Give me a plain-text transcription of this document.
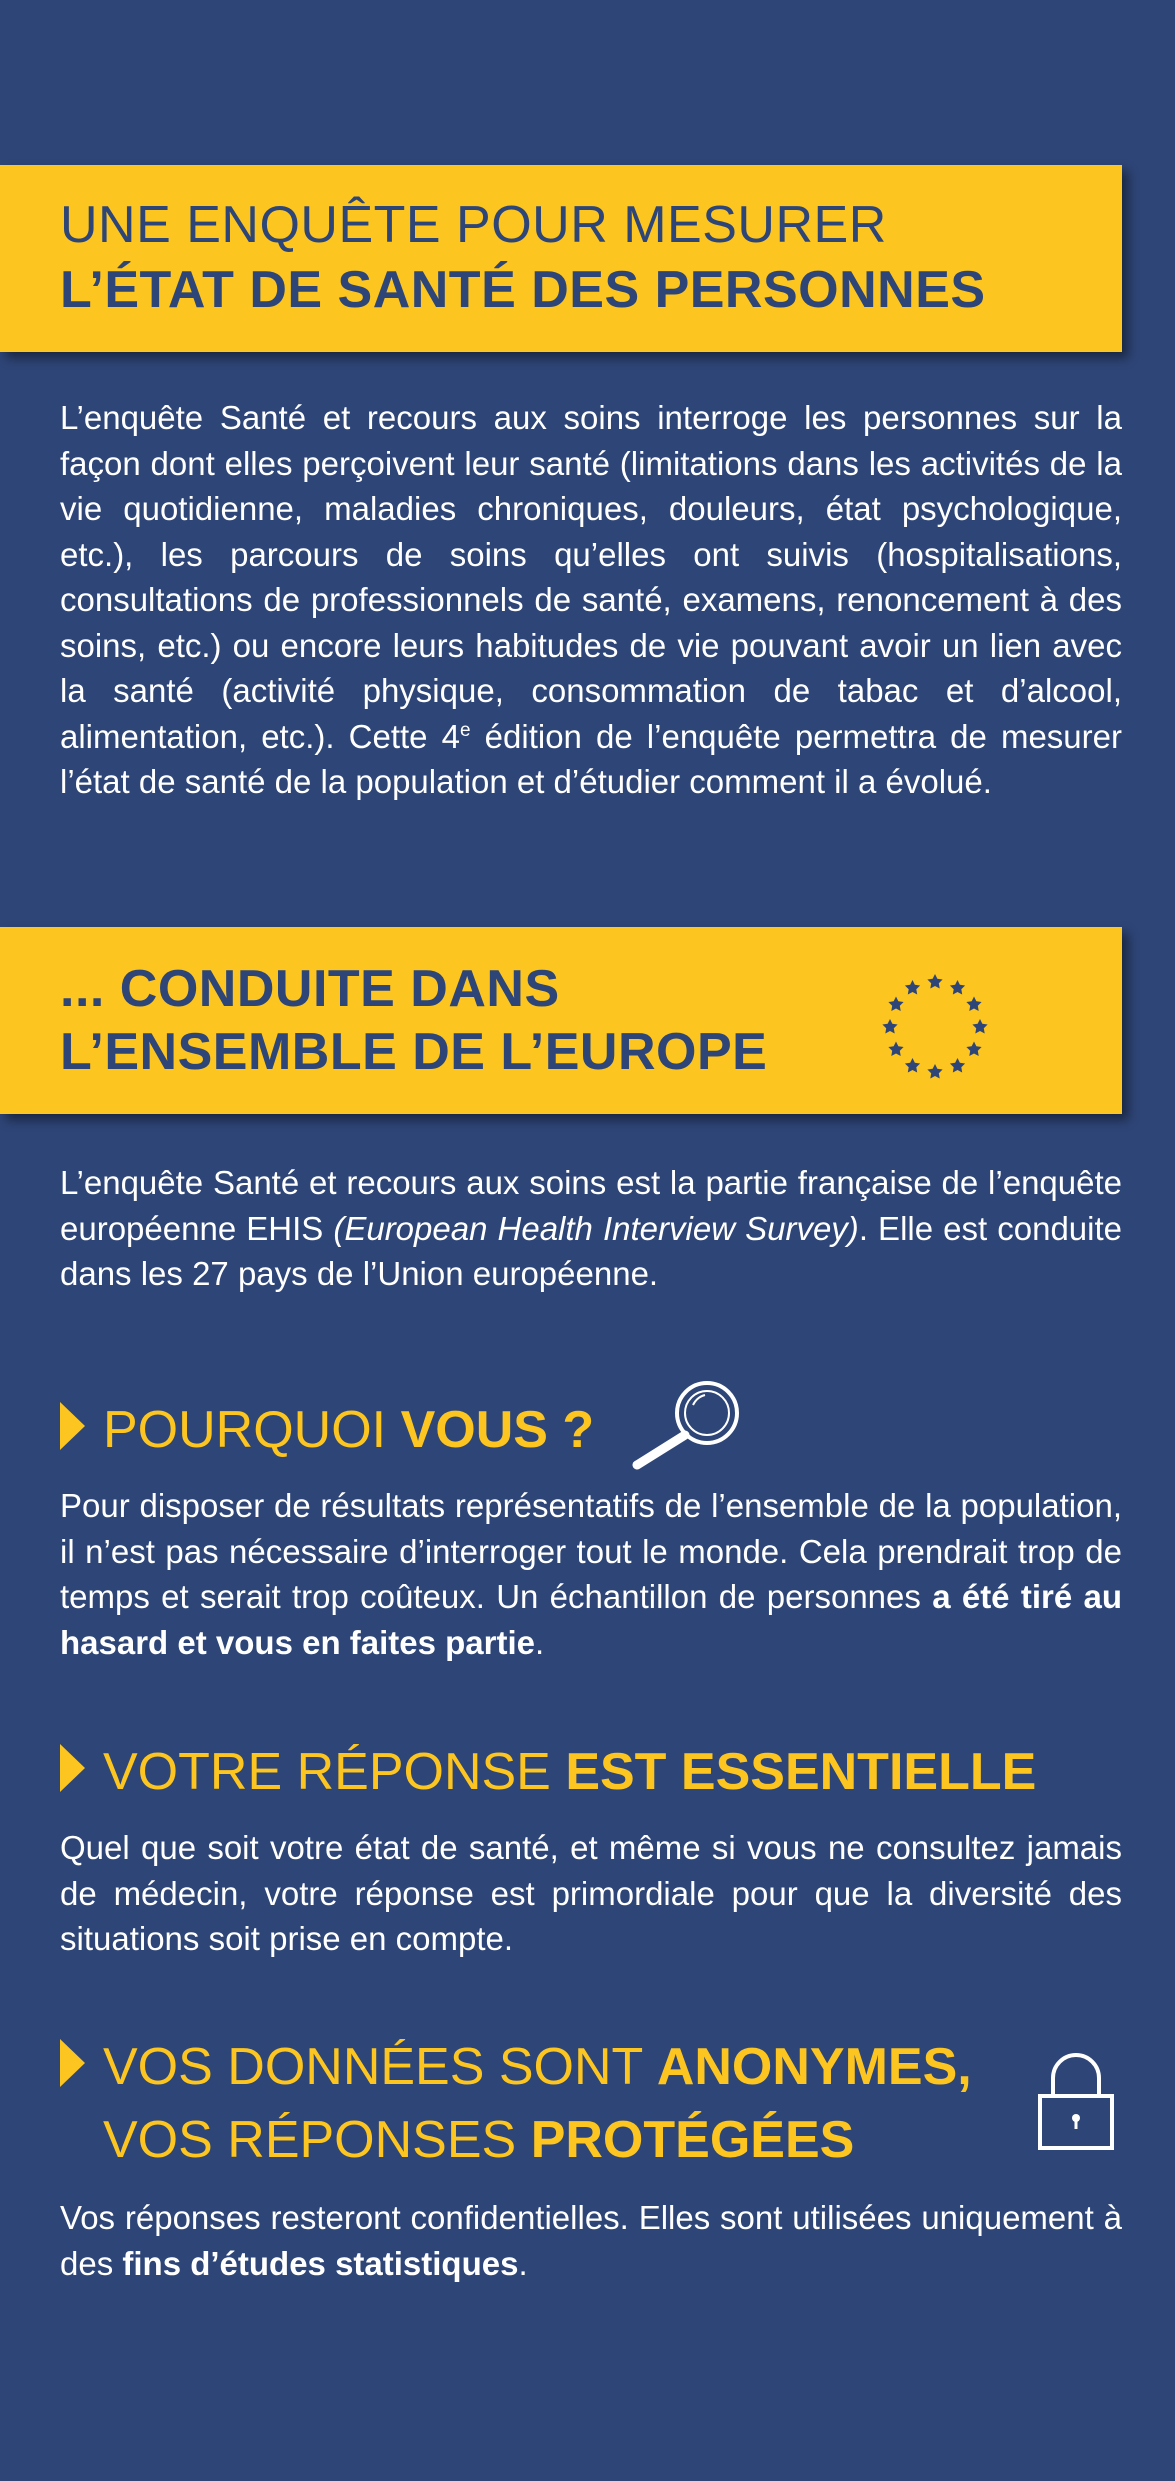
UNE ENQUÊTE POUR MESURER
L’ÉTAT DE SANTÉ DES PERSONNES

L’enquête Santé et recours aux soins interroge les personnes sur la façon dont elles perçoivent leur santé (limitations dans les activités de la vie quotidienne, maladies chroniques, douleurs, état psychologique, etc.), les parcours de soins qu’elles ont suivis (hospitalisations, consultations de professionnels de santé, examens, renoncement à des soins, etc.) ou encore leurs habitudes de vie pouvant avoir un lien avec la santé (activité physique, consommation de tabac et d’alcool, alimentation, etc.). Cette 4e édition de l’enquête permettra de mesurer l’état de santé de la population et d’étudier comment il a évolué.

... CONDUITE DANS
L’ENSEMBLE DE L’EUROPE

L’enquête Santé et recours aux soins est la partie française de l’enquête européenne EHIS (European Health Interview Survey). Elle est conduite dans les 27 pays de l’Union européenne.

POURQUOI VOUS ?

Pour disposer de résultats représentatifs de l’ensemble de la population, il n’est pas nécessaire d’interroger tout le monde. Cela prendrait trop de temps et serait trop coûteux. Un échantillon de personnes a été tiré au hasard et vous en faites partie.

VOTRE RÉPONSE EST ESSENTIELLE

Quel que soit votre état de santé, et même si vous ne consultez jamais de médecin, votre réponse est primordiale pour que la diversité des situations soit prise en compte.

VOS DONNÉES SONT ANONYMES,
VOS RÉPONSES PROTÉGÉES

Vos réponses resteront confidentielles. Elles sont utilisées uniquement à des fins d’études statistiques.
